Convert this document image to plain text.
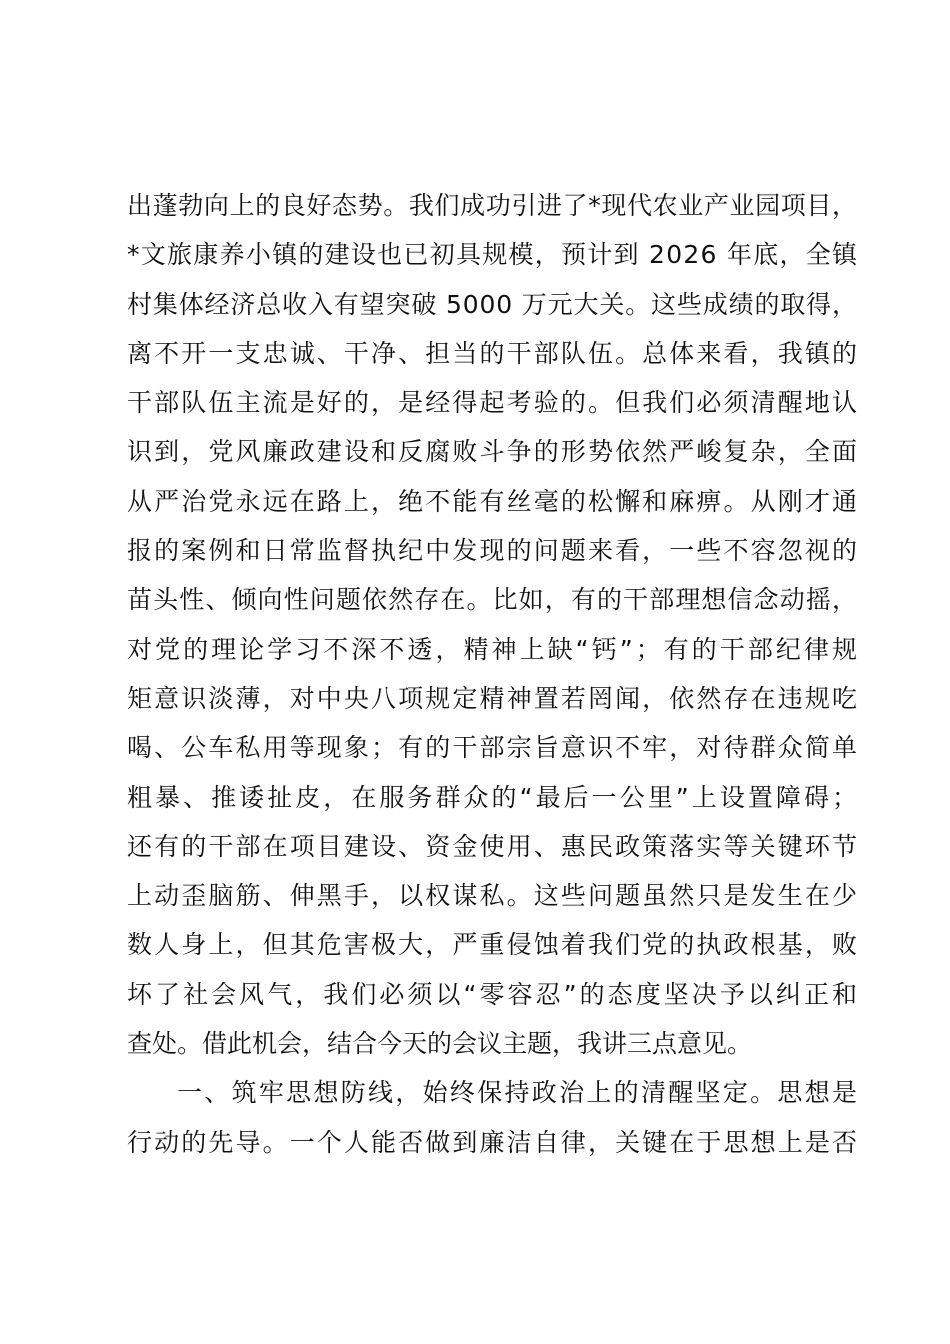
出蓬勃向上的良好态势。我们成功引进了*现代农业产业园项目，
*文旅康养小镇的建设也已初具规模，预计到 2026 年底，全镇
村集体经济总收入有望突破 5000 万元大关。这些成绩的取得，
离不开一支忠诚、干净、担当的干部队伍。总体来看，我镇的
干部队伍主流是好的，是经得起考验的。但我们必须清醒地认
识到，党风廉政建设和反腐败斗争的形势依然严峻复杂，全面
从严治党永远在路上，绝不能有丝毫的松懈和麻痹。从刚才通
报的案例和日常监督执纪中发现的问题来看，一些不容忽视的
苗头性、倾向性问题依然存在。比如，有的干部理想信念动摇，
对党的理论学习不深不透，精神上缺“钙”；有的干部纪律规
矩意识淡薄，对中央八项规定精神置若罔闻，依然存在违规吃
喝、公车私用等现象；有的干部宗旨意识不牢，对待群众简单
粗暴、推诿扯皮，在服务群众的“最后一公里”上设置障碍；
还有的干部在项目建设、资金使用、惠民政策落实等关键环节
上动歪脑筋、伸黑手，以权谋私。这些问题虽然只是发生在少
数人身上，但其危害极大，严重侵蚀着我们党的执政根基，败
坏了社会风气，我们必须以“零容忍”的态度坚决予以纠正和
查处。借此机会，结合今天的会议主题，我讲三点意见。
一、筑牢思想防线，始终保持政治上的清醒坚定。思想是
行动的先导。一个人能否做到廉洁自律，关键在于思想上是否
